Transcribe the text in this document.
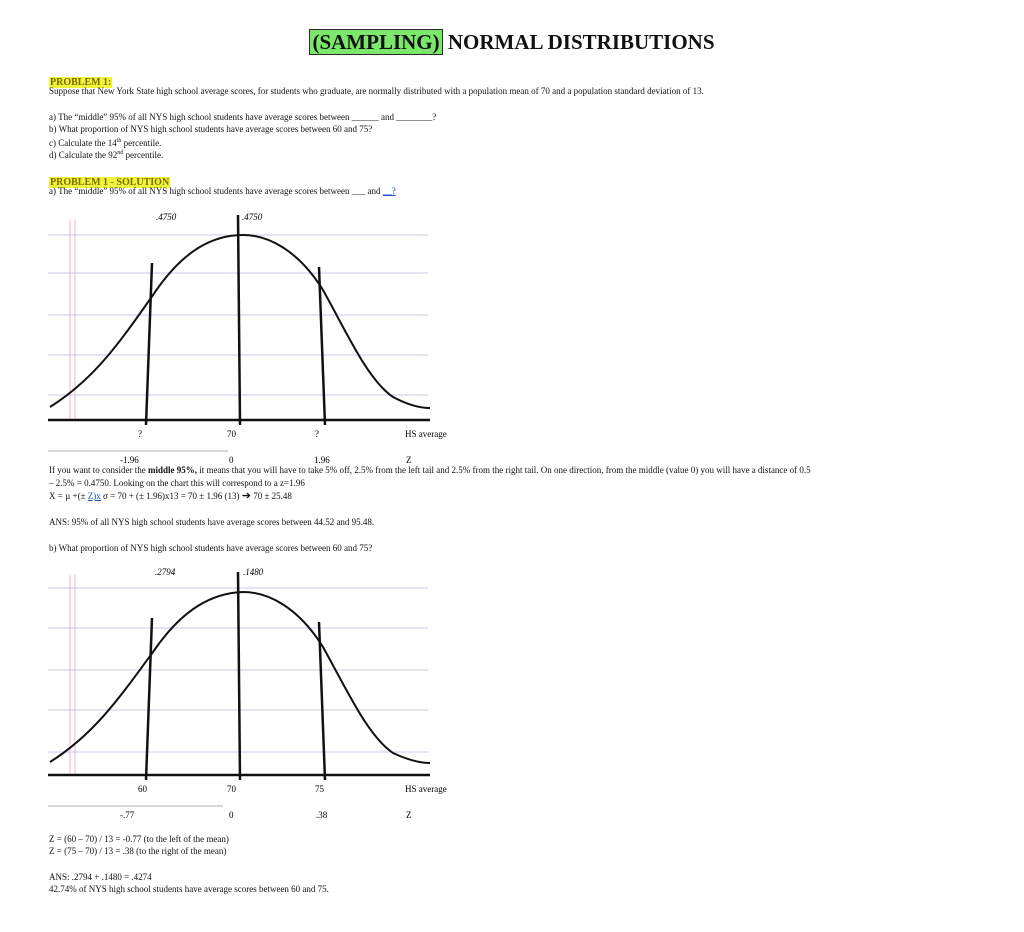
(SAMPLING) NORMAL DISTRIBUTIONS
PROBLEM 1:
Suppose that New York State high school average scores, for students who graduate, are normally distributed with a population mean of 70 and a population standard deviation of 13.
a) The “middle” 95% of all NYS high school students have average scores between ______ and ________?
b) What proportion of NYS high school students have average scores between 60 and 75?
c) Calculate the 14th percentile.
d) Calculate the 92nd percentile.
PROBLEM 1 - SOLUTION
a) The “middle” 95% of all NYS high school students have average scores between ___ and __?
.4750	.4750
?	70	?	HS average
-1.96	0	1.96	Z
If you want to consider the middle 95%, it means that you will have to take 5% off, 2.5% from the left tail and 2.5% from the right tail. On one direction, from the middle (value 0) you will have a distance of 0.5
– 2.5% = 0.4750. Looking on the chart this will correspond to a z=1.96
X = µ +(± Z)x σ = 70 + (± 1.96)x13 = 70 ± 1.96 (13) ➔ 70 ± 25.48
ANS: 95% of all NYS high school students have average scores between 44.52 and 95.48.
b) What proportion of NYS high school students have average scores between 60 and 75?
.2794	.1480
60	70	75	HS average
-.77	0	.38	Z
Z = (60 – 70) / 13 = -0.77 (to the left of the mean)
Z = (75 – 70) / 13 = .38 (to the right of the mean)
ANS: .2794 + .1480 = .4274
42.74% of NYS high school students have average scores between 60 and 75.
